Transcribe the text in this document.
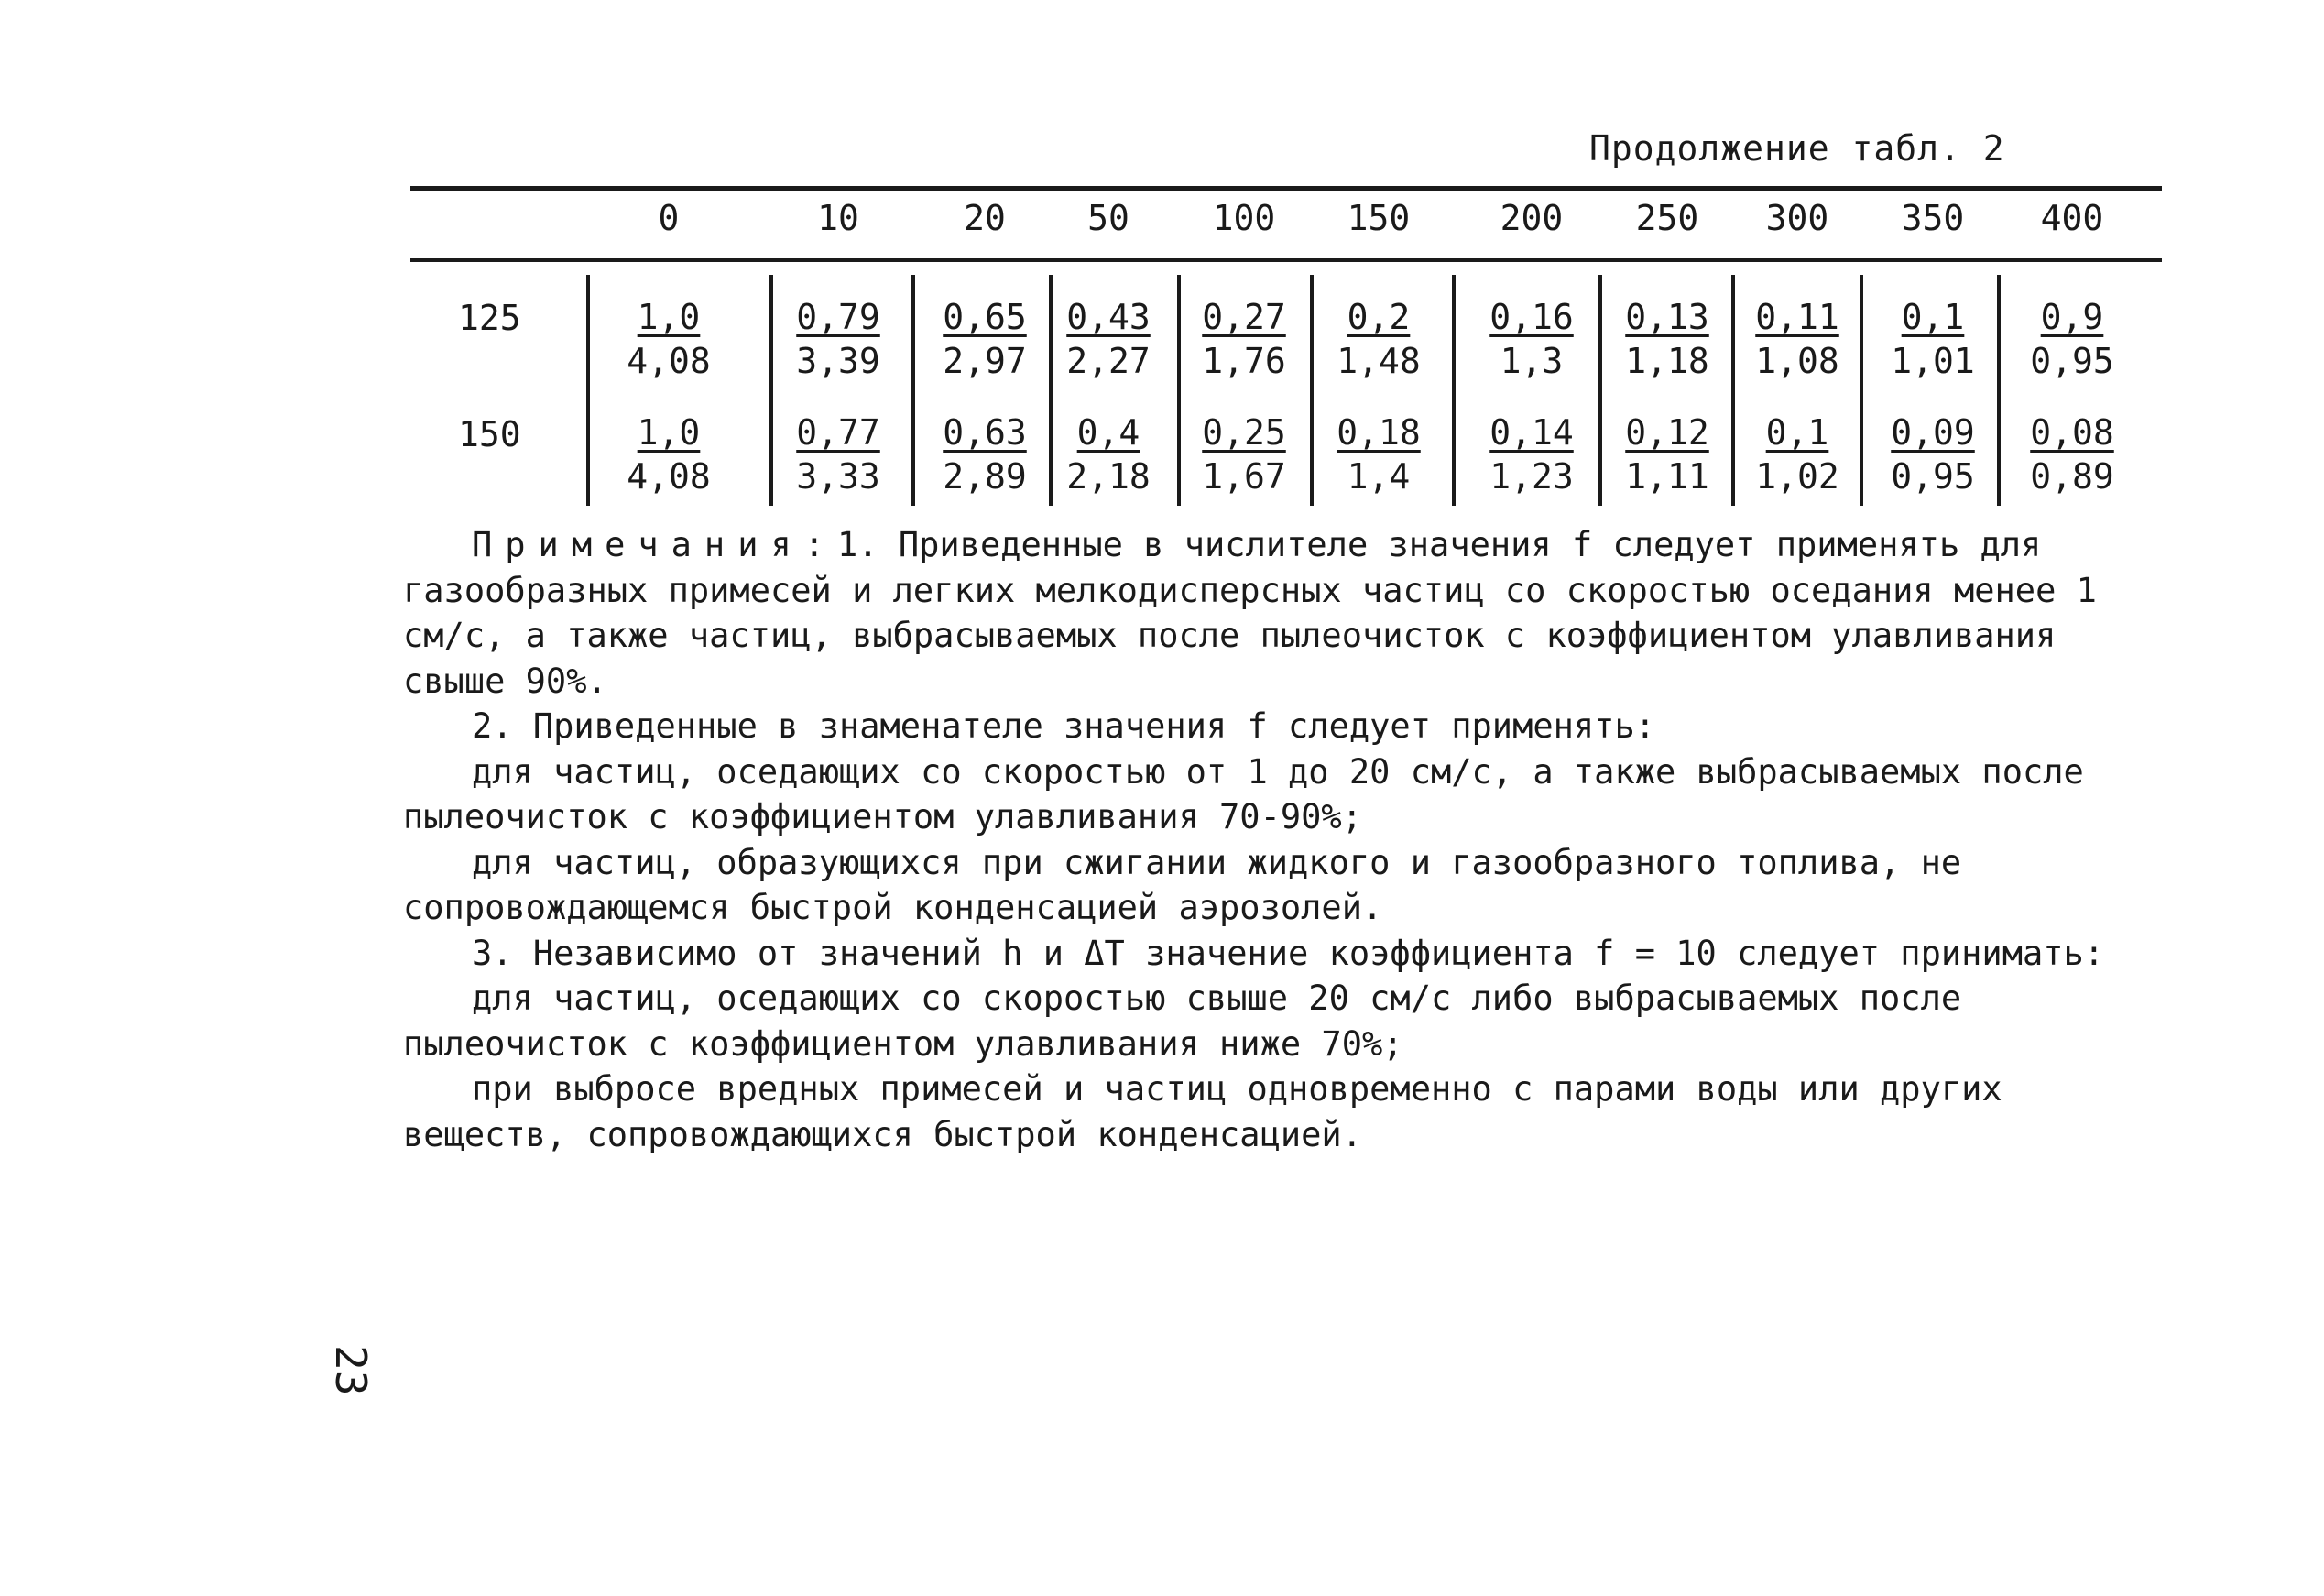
Продолжение табл. 2
0	10	20 50 100 150	200 250 300 350 400
125	$\frac{1,0}{4,08} \frac{0,79}{3,39} \frac{0,65}{2,97} \frac{0,43}{2,27} \frac{0,27}{1,76} \frac{0,2}{1,48} \frac{0,16}{1,3} \frac{0,13}{1,18} \frac{0,11}{1,08} \frac{0,1}{1,01} \frac{0,9}{0,95}$
150	$\frac{1,0}{4,08} \frac{0,77}{3,33} \frac{0,63}{2,89} \frac{0,4}{2,18} \frac{0,25}{1,67} \frac{0,18}{1,4} \frac{0,14}{1,23} \frac{0,12}{1,11} \frac{0,1}{1,02} \frac{0,09}{0,95} \frac{0,08}{0,89}$

Примечания:1. Приведенные в числителе значения f следует применять для газообразных примесей и легких мелкодисперсных частиц со скоростью оседания менее 1 см/с, а также частиц, выбрасываемых после пылеочисток с коэффициентом улавливания свыше 90%.

2. Приведенные в знаменателе значения f следует применять:

для частиц, оседающих со скоростью от 1 до 20 см/с, а также выбрасываемых после пылеочисток с коэффициентом улавливания 70-90%;

для частиц, образующихся при сжигании жидкого и газообразного топлива, не сопровождающемся быстрой конденсацией аэрозолей.

3. Независимо от значений h и ΔT значение коэффициента f = 10 следует принимать:

для частиц, оседающих со скоростью свыше 20 см/с либо выбрасываемых после пылеочисток с коэффициентом улавливания ниже 70%;

при выбросе вредных примесей и частиц одновременно с парами воды или других веществ, сопровождающихся быстрой конденсацией.

23
